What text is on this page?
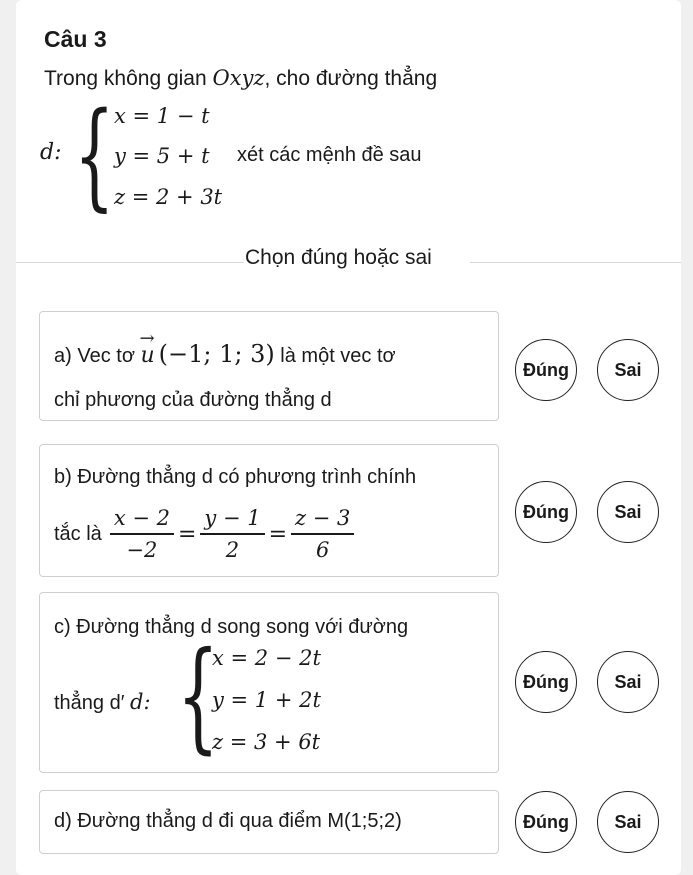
Câu 3
Trong không gian Oxyz, cho đường thẳng
d: { x = 1 − t
y = 5 + t
z = 2 + 3t
xét các mệnh đề sau
Chọn đúng hoặc sai
a) Vec tơ
→
u (−1; 1; 3) là một vec tơ
chỉ phương của đường thẳng d
Đúng	Sai
b) Đường thẳng d có phương trình chính
tắc là $\frac{x - 2}{-2} = \frac{y - 1}{2} = \frac{z - 3}{6}$	Đúng	Sai
c) Đường thẳng d song song với đường
thẳng d′ d: {
x = 2 − 2t
y = 1 + 2t
z = 3 + 6t
Đúng	Sai
d) Đường thẳng d đi qua điểm M(1;5;2)	Đúng	Sai
